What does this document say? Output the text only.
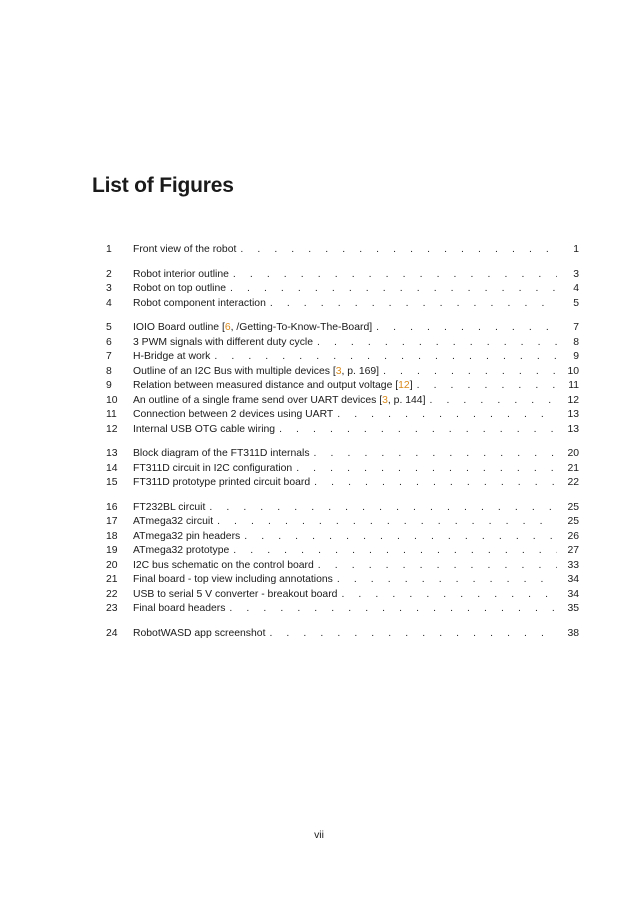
List of Figures
1	Front view of the robot . . .	1
2	Robot interior outline . . .	3
3	Robot on top outline . . .	4
4	Robot component interaction . . .	5
5	IOIO Board outline [6, /Getting-To-Know-The-Board] . . .	7
6	3 PWM signals with different duty cycle . . .	8
7	H-Bridge at work . . .	9
8	Outline of an I2C Bus with multiple devices [3, p. 169] . . .	10
9	Relation between measured distance and output voltage [12] . . .	11
10	An outline of a single frame send over UART devices [3, p. 144] . . .	12
11	Connection between 2 devices using UART . . .	13
12	Internal USB OTG cable wiring . . .	13
13	Block diagram of the FT311D internals . . .	20
14	FT311D circuit in I2C configuration . . .	21
15	FT311D prototype printed circuit board . . .	22
16	FT232BL circuit . . .	25
17	ATmega32 circuit . . .	25
18	ATmega32 pin headers . . .	26
19	ATmega32 prototype . . .	27
20	I2C bus schematic on the control board . . .	33
21	Final board - top view including annotations . . .	34
22	USB to serial 5 V converter - breakout board . . .	34
23	Final board headers . . .	35
24	RobotWASD app screenshot . . .	38
vii
